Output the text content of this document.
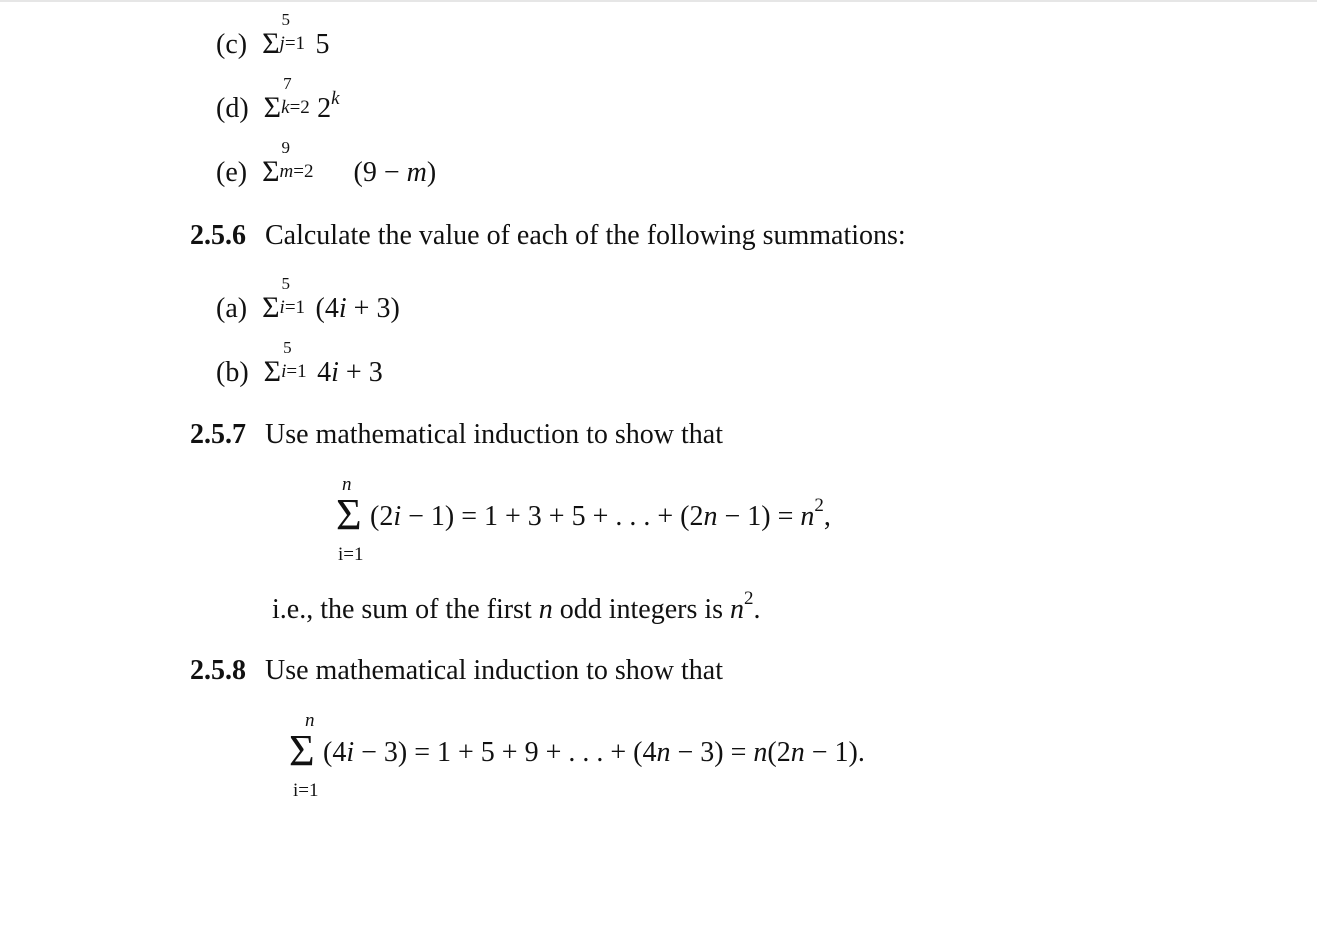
(c) Σ
5
j=1 5
(d) Σ
7
k=2 2$^k$
(e) Σ
9
m=2 (9 − m)
2.5.6 Calculate the value of each of the following summations:
(a) Σ
5
i=1 (4i + 3)
(b) Σ
5
i=1 4i + 3
2.5.7 Use mathematical induction to show that
n
Σ
i=1
(2i − 1) = 1 + 3 + 5 + . . . + $(2n - 1) = n^2$,
i.e., the sum of the first n odd integers is $n^2$.
2.5.8 Use mathematical induction to show that
n
Σ
i=1
(4i − 3) = 1 + 5 + 9 + . . . + (4n − 3) = n(2n − 1).
